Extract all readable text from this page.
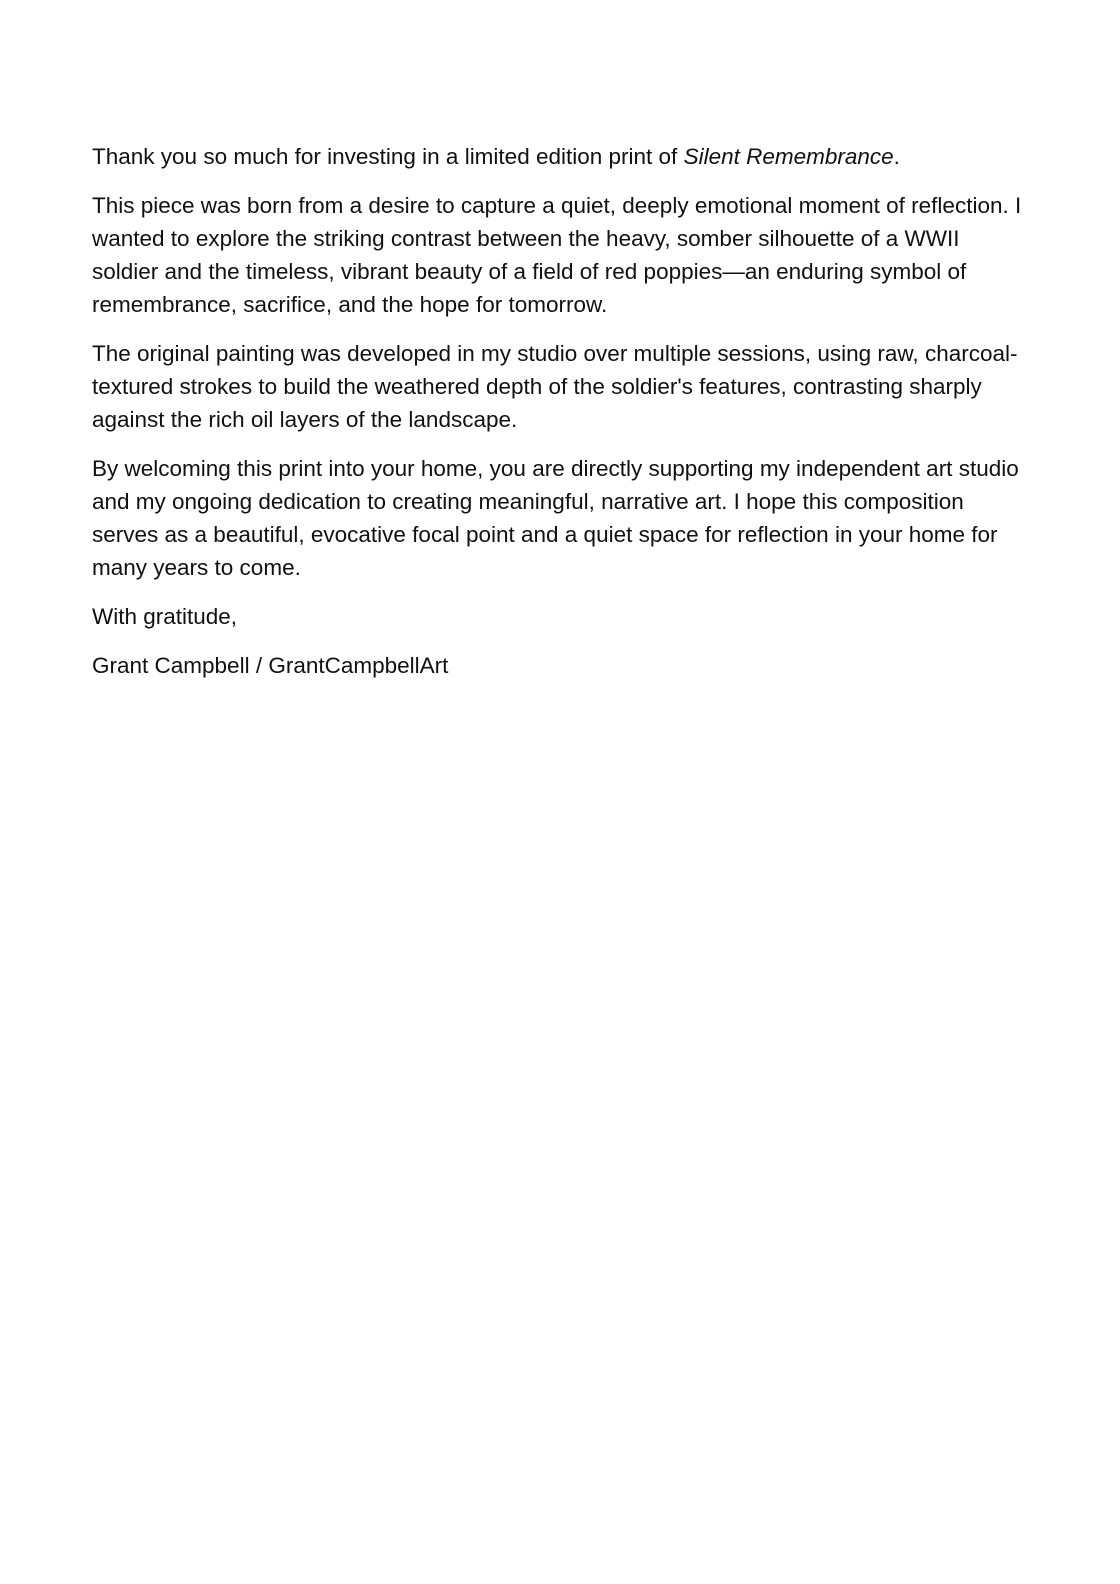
Thank you so much for investing in a limited edition print of Silent Remembrance.

This piece was born from a desire to capture a quiet, deeply emotional moment of reflection. I wanted to explore the striking contrast between the heavy, somber silhouette of a WWII soldier and the timeless, vibrant beauty of a field of red poppies—an enduring symbol of remembrance, sacrifice, and the hope for tomorrow.

The original painting was developed in my studio over multiple sessions, using raw, charcoal-textured strokes to build the weathered depth of the soldier's features, contrasting sharply against the rich oil layers of the landscape.

By welcoming this print into your home, you are directly supporting my independent art studio and my ongoing dedication to creating meaningful, narrative art. I hope this composition serves as a beautiful, evocative focal point and a quiet space for reflection in your home for many years to come.

With gratitude,

Grant Campbell / GrantCampbellArt
